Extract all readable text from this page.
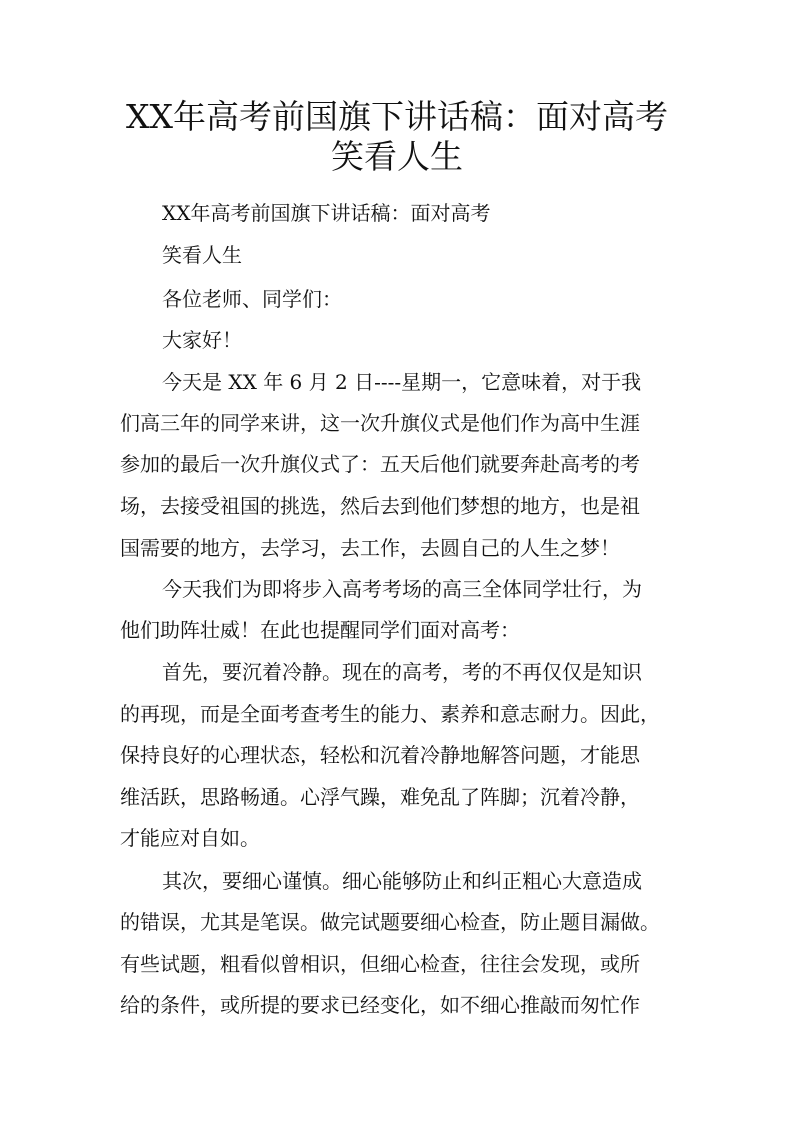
XX年高考前国旗下讲话稿：面对高考
笑看人生

XX年高考前国旗下讲话稿：面对高考

笑看人生

各位老师、同学们：

大家好！

今天是 XX 年 6 月 2 日----星期一，它意味着，对于我

们高三年的同学来讲，这一次升旗仪式是他们作为高中生涯

参加的最后一次升旗仪式了：五天后他们就要奔赴高考的考

场，去接受祖国的挑选，然后去到他们梦想的地方，也是祖

国需要的地方，去学习，去工作，去圆自己的人生之梦！

今天我们为即将步入高考考场的高三全体同学壮行，为

他们助阵壮威！在此也提醒同学们面对高考：

首先，要沉着冷静。现在的高考，考的不再仅仅是知识

的再现，而是全面考查考生的能力、素养和意志耐力。因此，

保持良好的心理状态，轻松和沉着冷静地解答问题，才能思

维活跃，思路畅通。心浮气躁，难免乱了阵脚；沉着冷静，

才能应对自如。

其次，要细心谨慎。细心能够防止和纠正粗心大意造成

的错误，尤其是笔误。做完试题要细心检查，防止题目漏做。

有些试题，粗看似曾相识，但细心检查，往往会发现，或所

给的条件，或所提的要求已经变化，如不细心推敲而匆忙作
